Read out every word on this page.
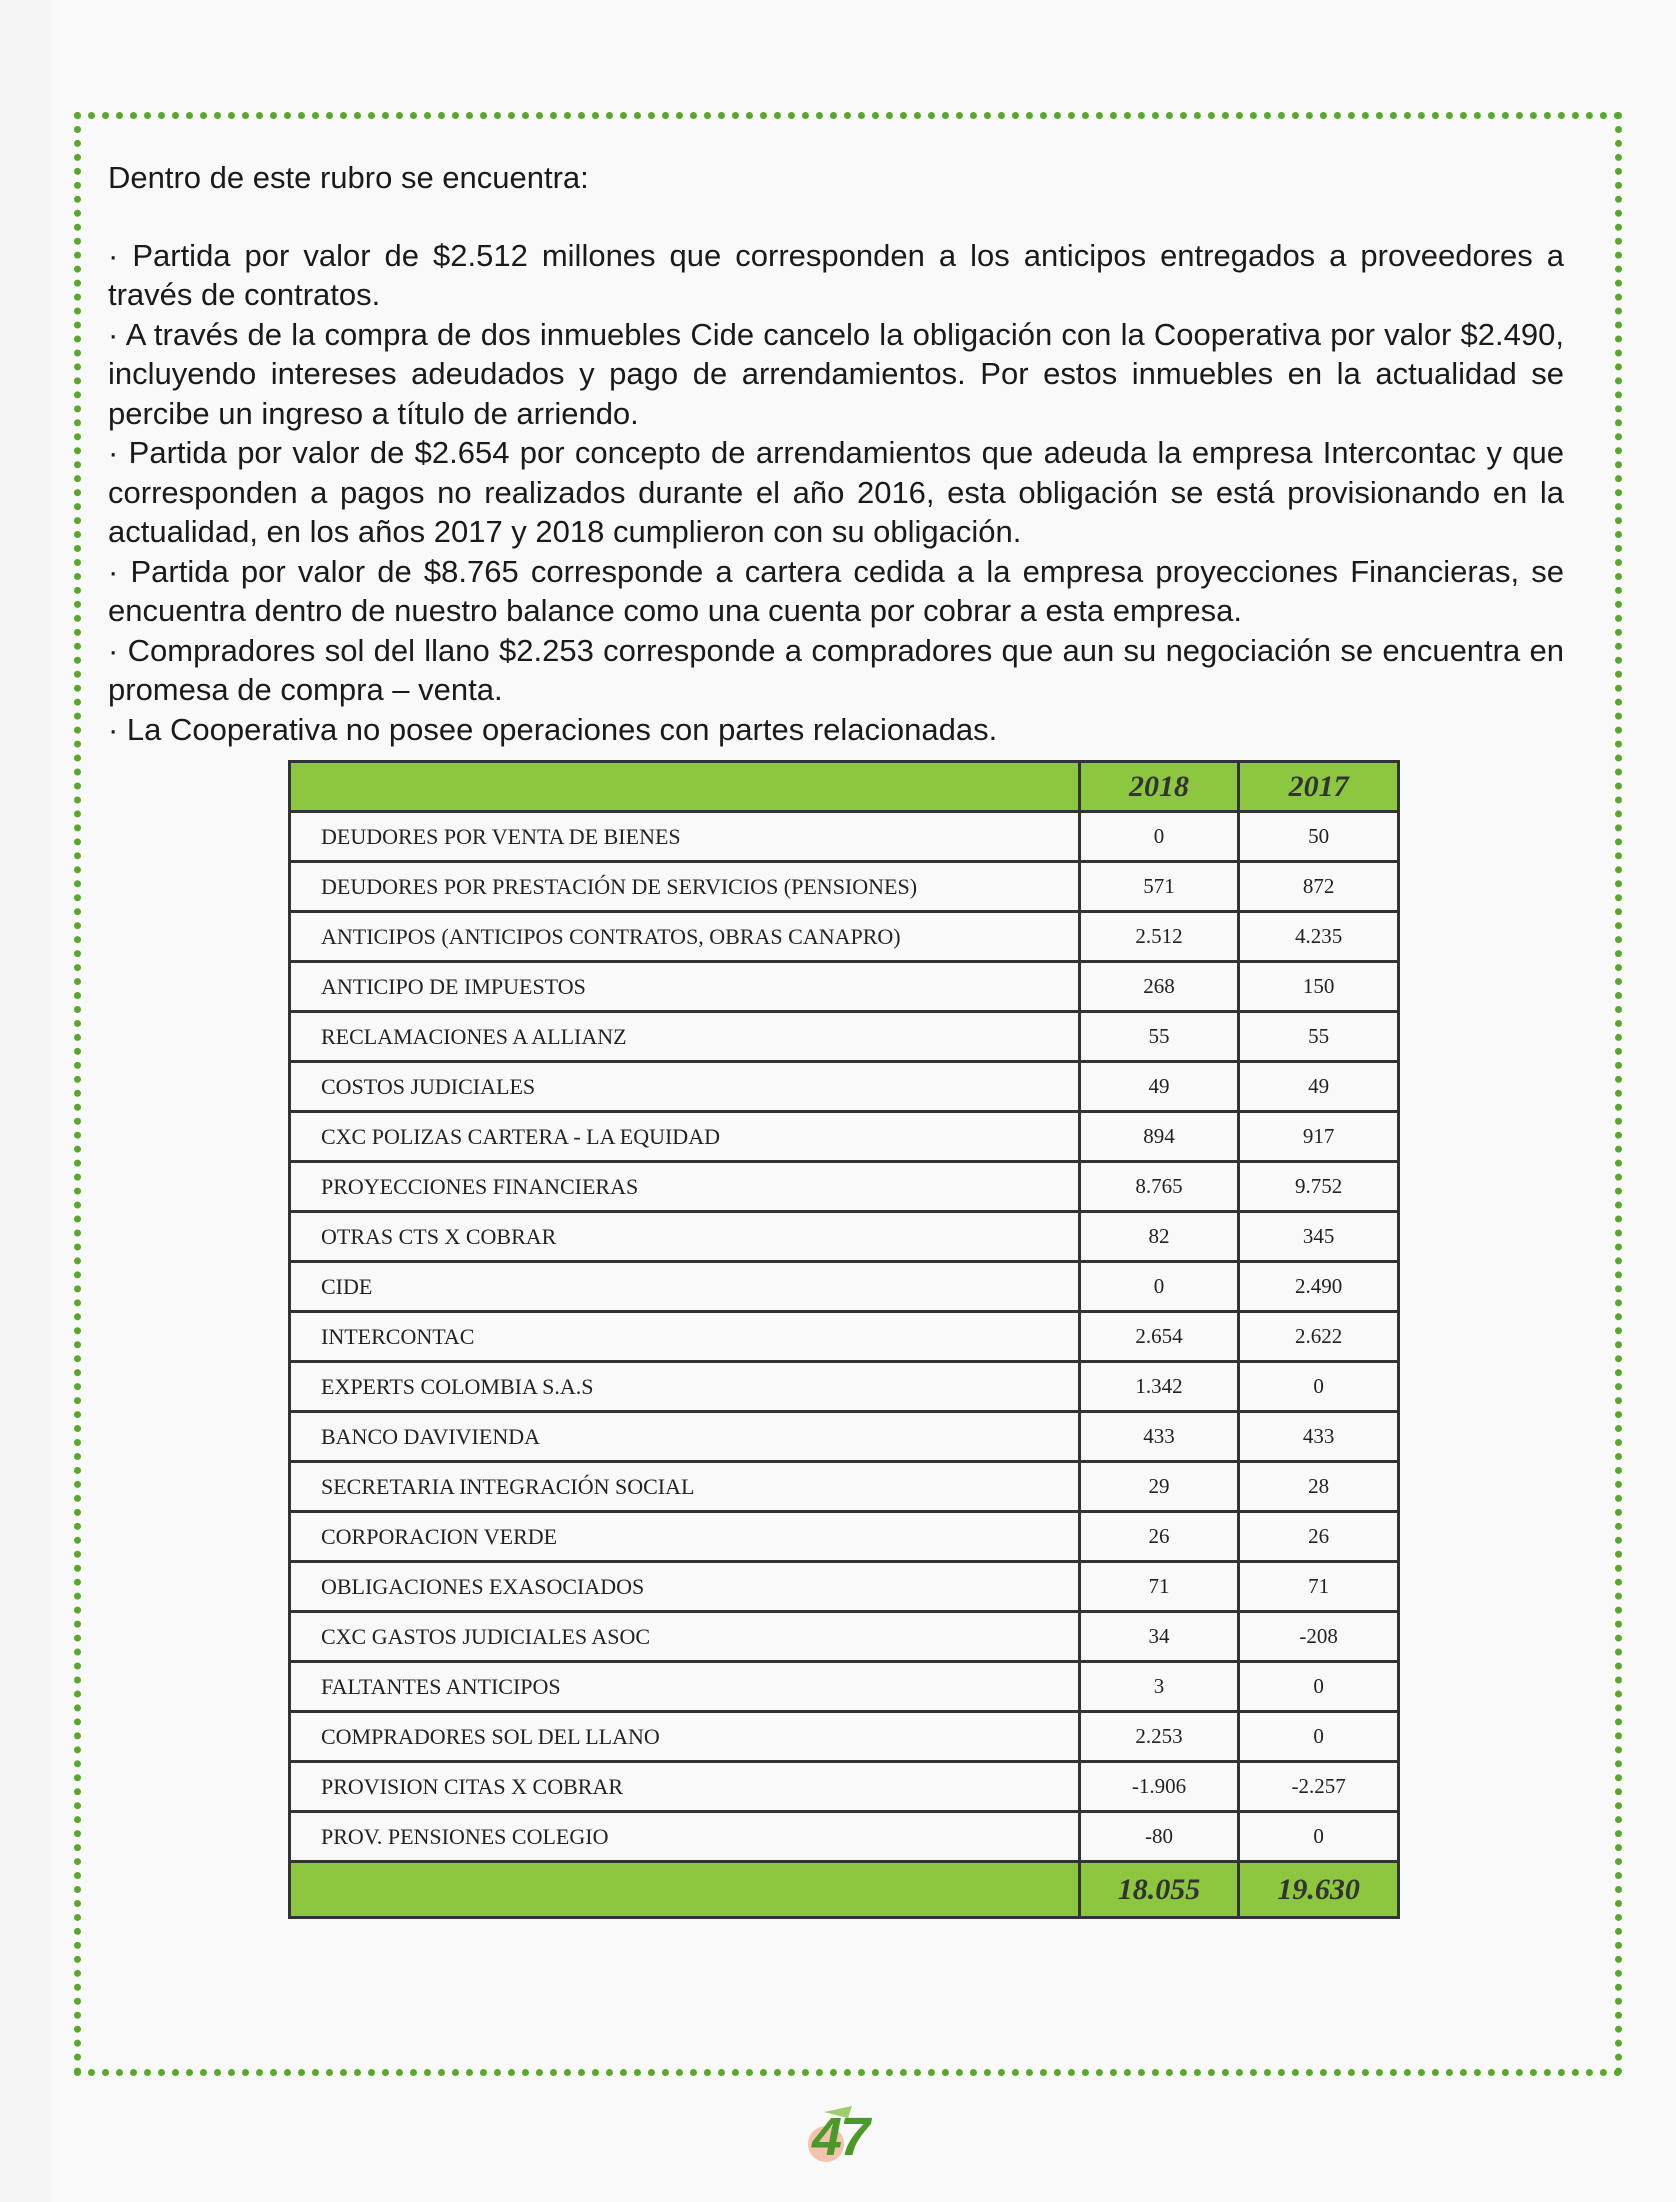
Dentro de este rubro se encuentra:

· Partida por valor de $2.512 millones que corresponden a los anticipos entregados a proveedores a través de contratos.

· A través de la compra de dos inmuebles Cide cancelo la obligación con la Cooperativa por valor $2.490, incluyendo intereses adeudados y pago de arrendamientos. Por estos inmuebles en la actualidad se percibe un ingreso a título de arriendo.

· Partida por valor de $2.654 por concepto de arrendamientos que adeuda la empresa Intercontac y que corresponden a pagos no realizados durante el año 2016, esta obligación se está provisionando en la actualidad, en los años 2017 y 2018 cumplieron con su obligación.

· Partida por valor de $8.765 corresponde a cartera cedida a la empresa proyecciones Financieras, se encuentra dentro de nuestro balance como una cuenta por cobrar a esta empresa.

· Compradores sol del llano $2.253 corresponde a compradores que aun su negociación se encuentra en promesa de compra – venta.

· La Cooperativa no posee operaciones con partes relacionadas.

	2018	2017
DEUDORES POR VENTA DE BIENES	0	50
DEUDORES POR PRESTACIÓN DE SERVICIOS (PENSIONES)	571	872
ANTICIPOS (ANTICIPOS CONTRATOS, OBRAS CANAPRO)	2.512	4.235
ANTICIPO DE IMPUESTOS	268	150
RECLAMACIONES A ALLIANZ	55	55
COSTOS JUDICIALES	49	49
CXC POLIZAS CARTERA - LA EQUIDAD	894	917
PROYECCIONES FINANCIERAS	8.765	9.752
OTRAS CTS X COBRAR	82	345
CIDE	0	2.490
INTERCONTAC	2.654	2.622
EXPERTS COLOMBIA S.A.S	1.342	0
BANCO DAVIVIENDA	433	433
SECRETARIA INTEGRACIÓN SOCIAL	29	28
CORPORACION VERDE	26	26
OBLIGACIONES EXASOCIADOS	71	71
CXC GASTOS JUDICIALES ASOC	34	-208
FALTANTES ANTICIPOS	3	0
COMPRADORES SOL DEL LLANO	2.253	0
PROVISION CITAS X COBRAR	-1.906	-2.257
PROV. PENSIONES COLEGIO	-80	0
	18.055	19.630
47
